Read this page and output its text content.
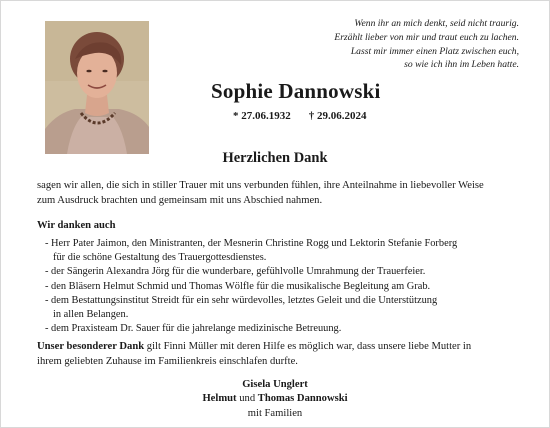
Wenn ihr an mich denkt, seid nicht traurig.
Erzählt lieber von mir und traut euch zu lachen.
Lasst mir immer einen Platz zwischen euch,
so wie ich ihn im Leben hatte.
Sophie Dannowski
* 27.06.1932 † 29.06.2024
Herzlichen Dank
sagen wir allen, die sich in stiller Trauer mit uns verbunden fühlen, ihre Anteilnahme in liebevoller Weise
zum Ausdruck brachten und gemeinsam mit uns Abschied nahmen.
Wir danken auch
- Herr Pater Jaimon, den Ministranten, der Mesnerin Christine Rogg und Lektorin Stefanie Forberg
für die schöne Gestaltung des Trauergottesdienstes.
- der Sängerin Alexandra Jörg für die wunderbare, gefühlvolle Umrahmung der Trauerfeier.
- den Bläsern Helmut Schmid und Thomas Wölfle für die musikalische Begleitung am Grab.
- dem Bestattungsinstitut Streidt für ein sehr würdevolles, letztes Geleit und die Unterstützung
in allen Belangen.
- dem Praxisteam Dr. Sauer für die jahrelange medizinische Betreuung.
Unser besonderer Dank gilt Finni Müller mit deren Hilfe es möglich war, dass unsere liebe Mutter in
ihrem geliebten Zuhause im Familienkreis einschlafen durfte.
Gisela Unglert
Helmut und Thomas Dannowski
mit Familien
